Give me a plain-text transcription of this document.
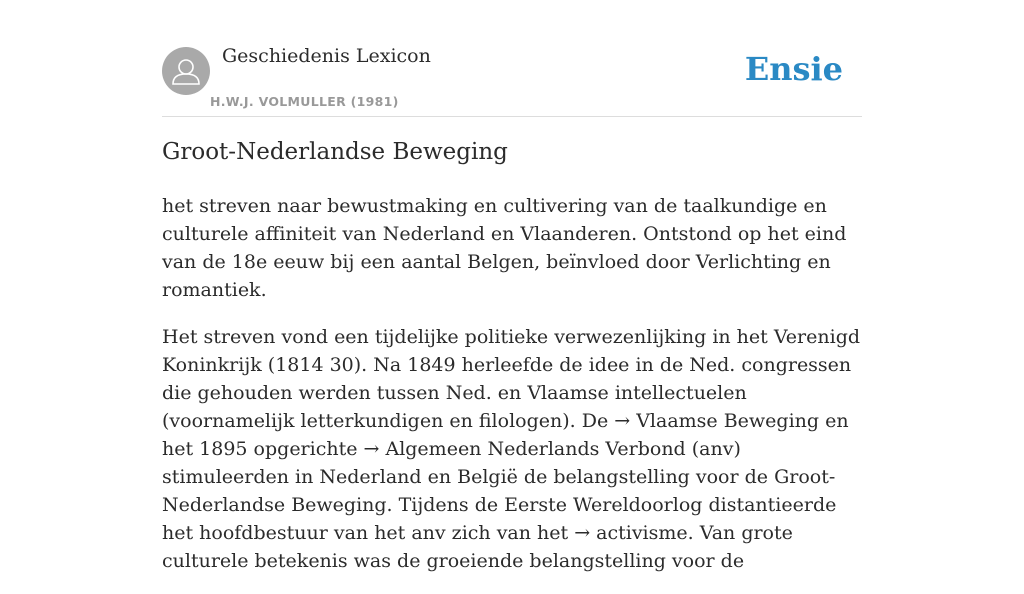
Geschiedenis Lexicon
H.W.J. VOLMULLER (1981)
Ensie
Groot-Nederlandse Beweging

het streven naar bewustmaking en cultivering van de taalkundige en culturele affiniteit van Nederland en Vlaanderen. Ontstond op het eind van de 18e eeuw bij een aantal Belgen, beïnvloed door Verlichting en romantiek.

Het streven vond een tijdelijke politieke verwezenlijking in het Verenigd Koninkrijk (1814 30). Na 1849 herleefde de idee in de Ned. congressen die gehouden werden tussen Ned. en Vlaamse intellectuelen (voornamelijk letterkundigen en filologen). De → Vlaamse Beweging en het 1895 opgerichte → Algemeen Nederlands Verbond (anv) stimuleerden in Nederland en België de belangstelling voor de Groot-Nederlandse Beweging. Tijdens de Eerste Wereldoorlog distantieerde het hoofdbestuur van het anv zich van het → activisme. Van grote culturele betekenis was de groeiende belangstelling voor de
